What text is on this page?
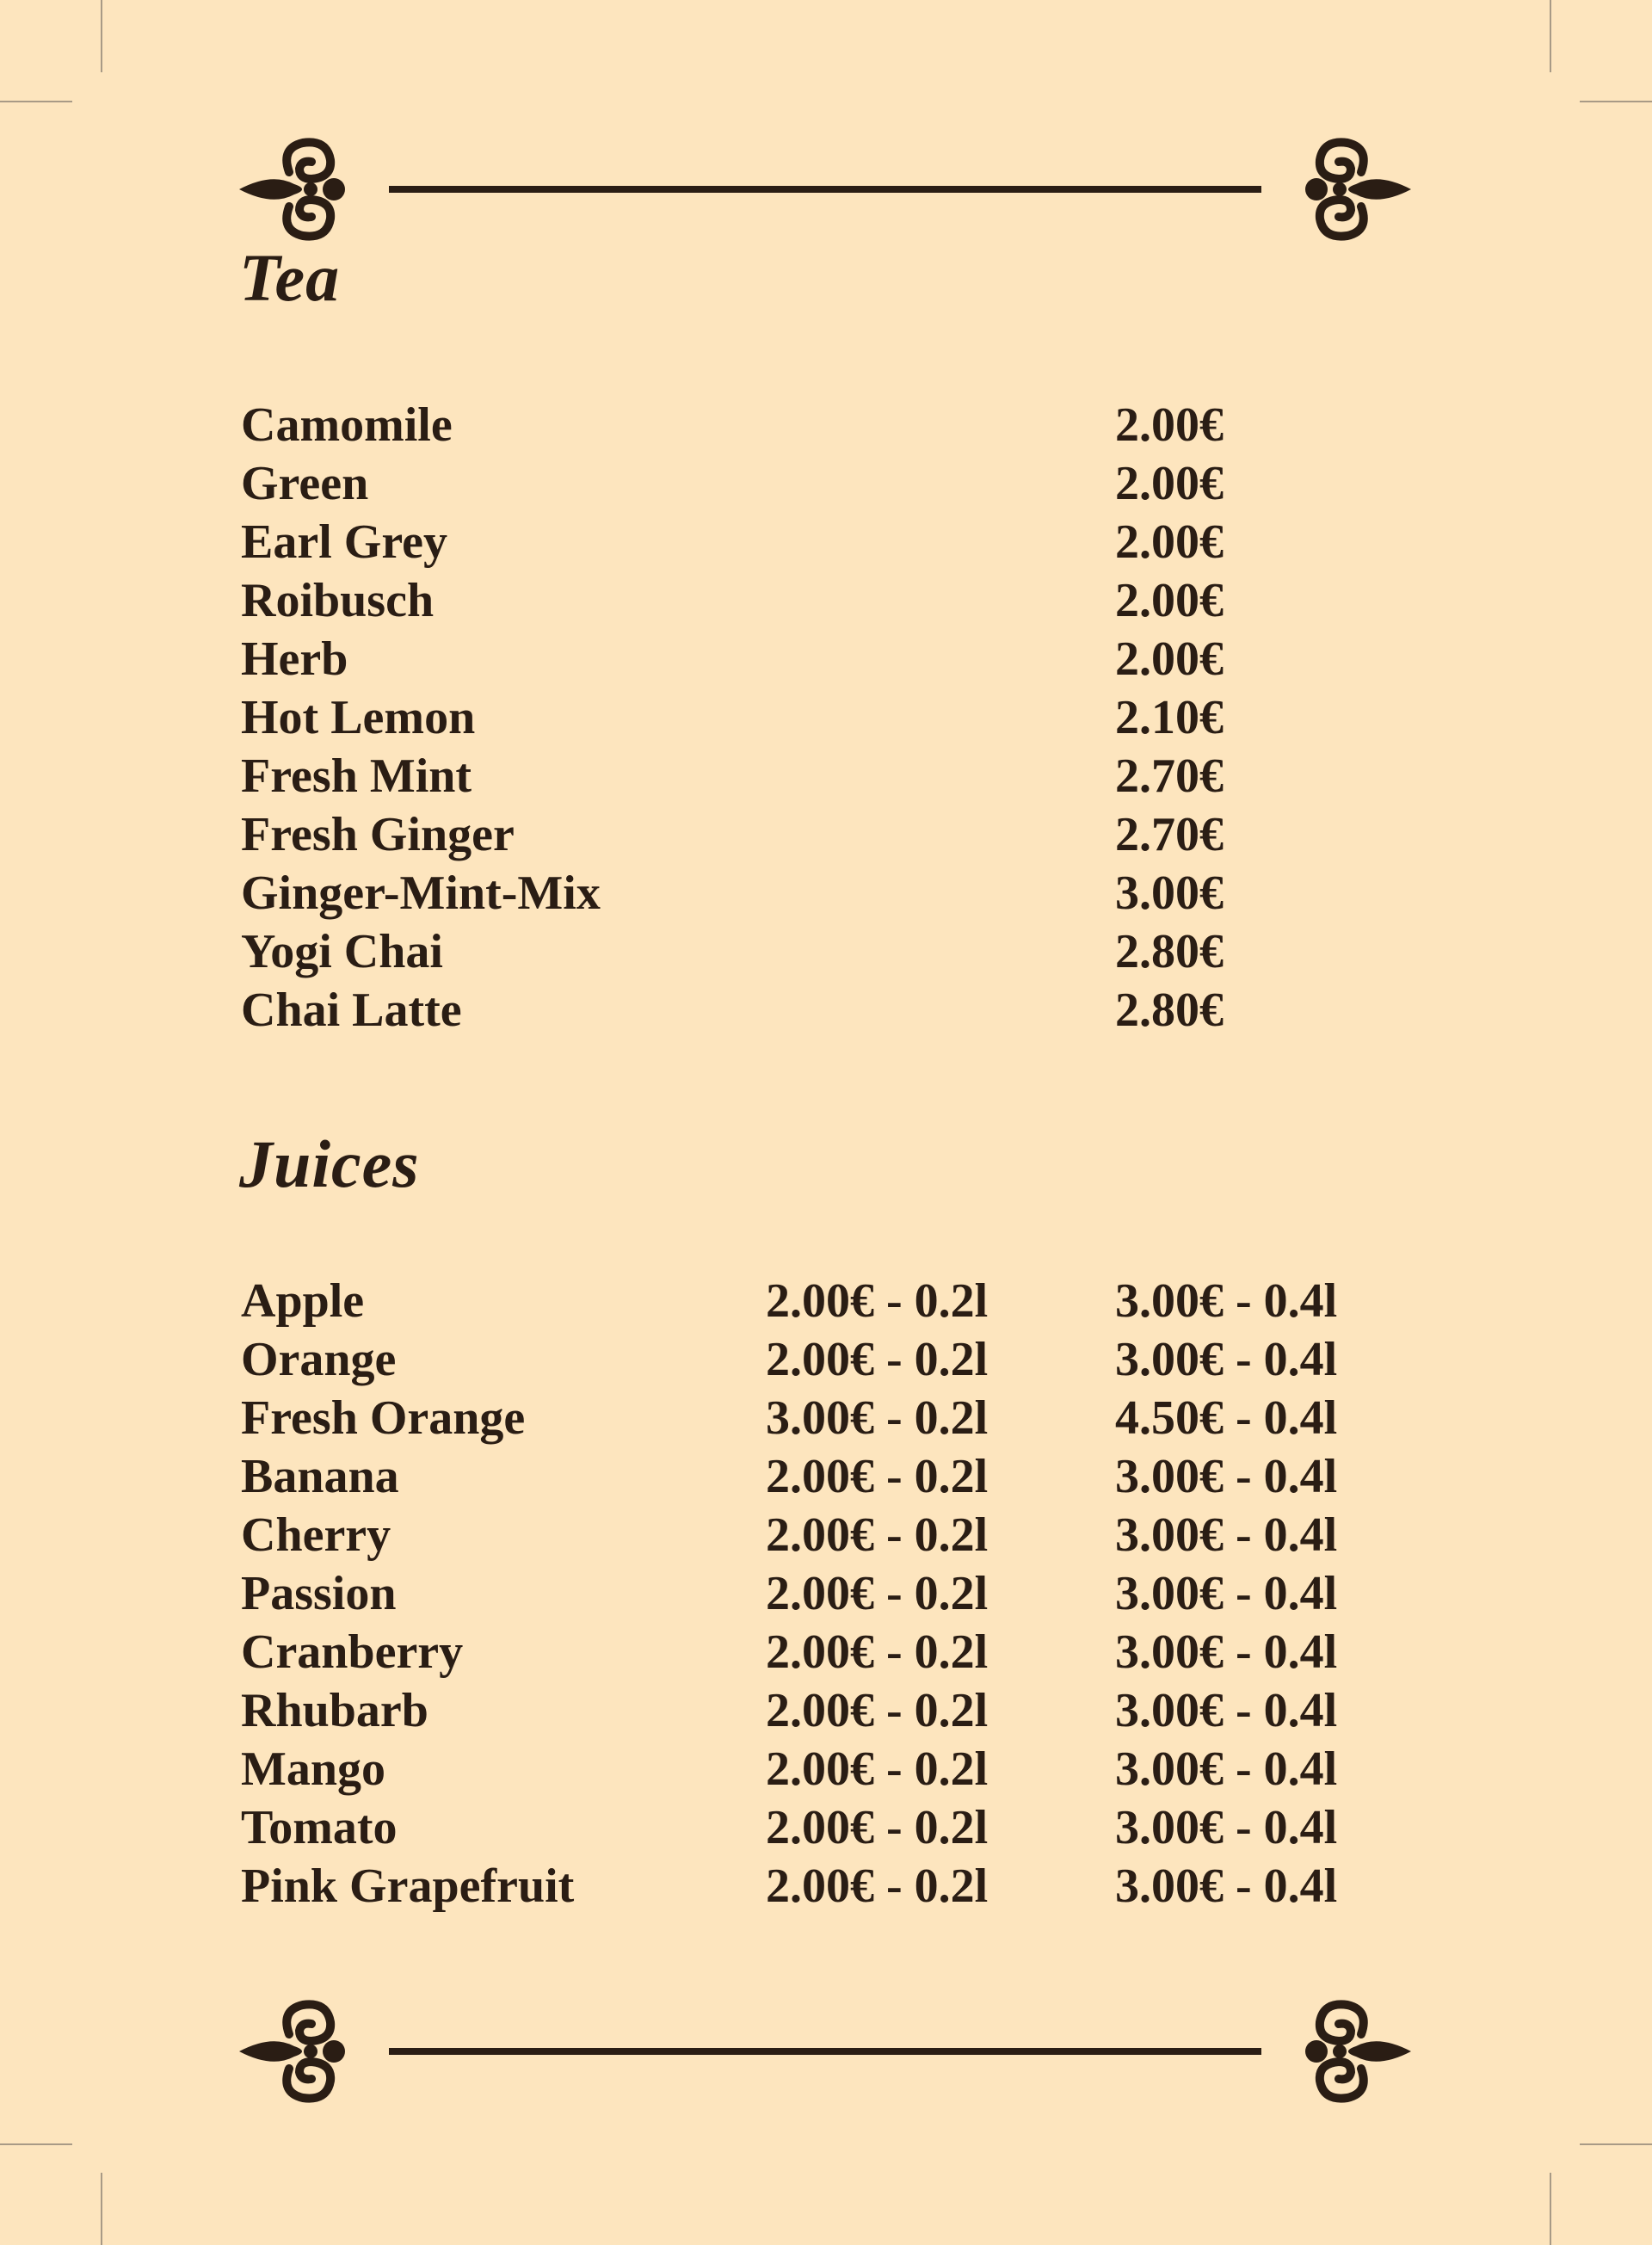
Tea
Camomile	2.00€
Green	2.00€
Earl Grey	2.00€
Roibusch	2.00€
Herb	2.00€
Hot Lemon	2.10€
Fresh Mint	2.70€
Fresh Ginger	2.70€
Ginger-Mint-Mix	3.00€
Yogi Chai	2.80€
Chai Latte	2.80€
Juices
Apple	2.00€ - 0.2l	3.00€ - 0.4l
Orange	2.00€ - 0.2l	3.00€ - 0.4l
Fresh Orange	3.00€ - 0.2l	4.50€ - 0.4l
Banana	2.00€ - 0.2l	3.00€ - 0.4l
Cherry	2.00€ - 0.2l	3.00€ - 0.4l
Passion	2.00€ - 0.2l	3.00€ - 0.4l
Cranberry	2.00€ - 0.2l	3.00€ - 0.4l
Rhubarb	2.00€ - 0.2l	3.00€ - 0.4l
Mango	2.00€ - 0.2l	3.00€ - 0.4l
Tomato	2.00€ - 0.2l	3.00€ - 0.4l
Pink Grapefruit	2.00€ - 0.2l	3.00€ - 0.4l
